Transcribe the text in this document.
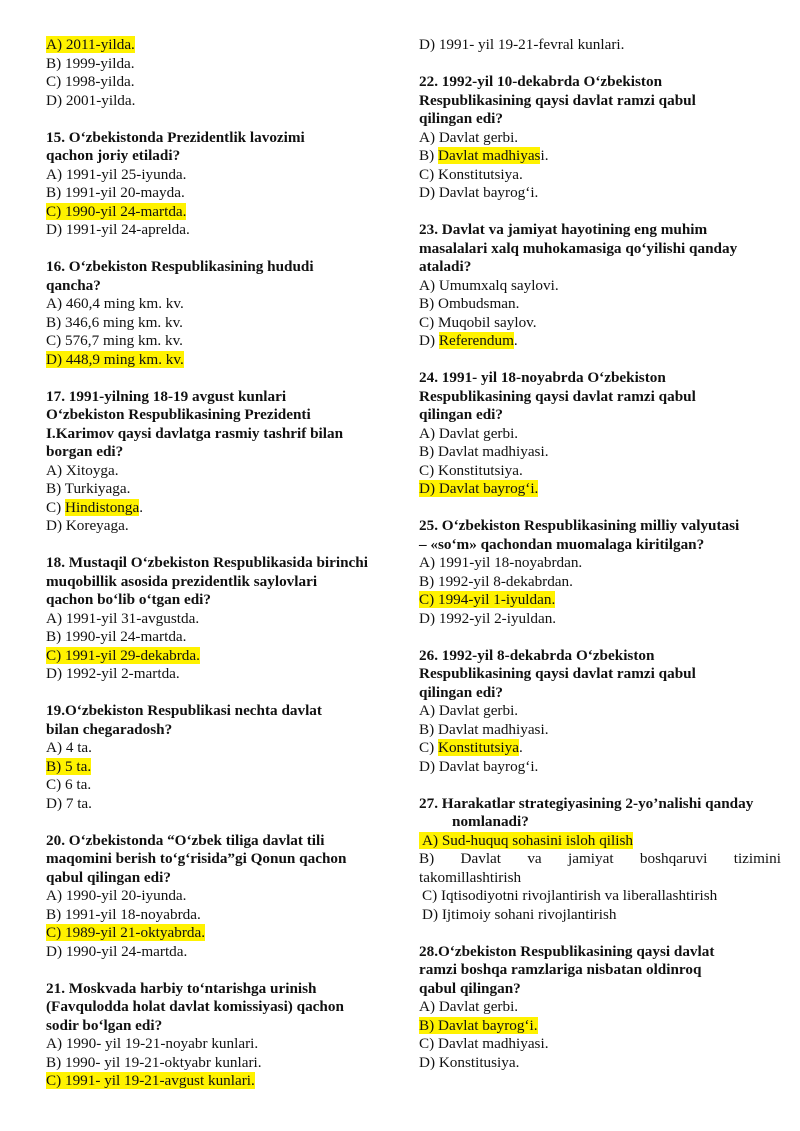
A) 2011-yilda.
B) 1999-yilda.
C) 1998-yilda.
D) 2001-yilda.
15. O‘zbekistonda Prezidentlik lavozimi
qachon joriy etiladi?
A) 1991-yil 25-iyunda.
B) 1991-yil 20-mayda.
C) 1990-yil 24-martda.
D) 1991-yil 24-aprelda.
16. O‘zbekiston Respublikasining hududi
qancha?
A) 460,4 ming km. kv.
B) 346,6 ming km. kv.
C) 576,7 ming km. kv.
D) 448,9 ming km. kv.
17. 1991-yilning 18-19 avgust kunlari
O‘zbekiston Respublikasining Prezidenti
I.Karimov qaysi davlatga rasmiy tashrif bilan
borgan edi?
A) Xitoyga.
B) Turkiyaga.
C) Hindistonga.
D) Koreyaga.
18. Mustaqil O‘zbekiston Respublikasida birinchi
muqobillik asosida prezidentlik saylovlari
qachon bo‘lib o‘tgan edi?
A) 1991-yil 31-avgustda.
B) 1990-yil 24-martda.
C) 1991-yil 29-dekabrda.
D) 1992-yil 2-martda.
19.O‘zbekiston Respublikasi nechta davlat
bilan chegaradosh?
A) 4 ta.
B) 5 ta.
C) 6 ta.
D) 7 ta.
20. O‘zbekistonda “O‘zbek tiliga davlat tili
maqomini berish to‘g‘risida”gi Qonun qachon
qabul qilingan edi?
A) 1990-yil 20-iyunda.
B) 1991-yil 18-noyabrda.
C) 1989-yil 21-oktyabrda.
D) 1990-yil 24-martda.
21. Moskvada harbiy to‘ntarishga urinish
(Favqulodda holat davlat komissiyasi) qachon
sodir bo‘lgan edi?
A) 1990- yil 19-21-noyabr kunlari.
B) 1990- yil 19-21-oktyabr kunlari.
C) 1991- yil 19-21-avgust kunlari.
D) 1991- yil 19-21-fevral kunlari.
22. 1992-yil 10-dekabrda O‘zbekiston
Respublikasining qaysi davlat ramzi qabul
qilingan edi?
A) Davlat gerbi.
B) Davlat madhiyasi.
C) Konstitutsiya.
D) Davlat bayrog‘i.
23. Davlat va jamiyat hayotining eng muhim
masalalari xalq muhokamasiga qo‘yilishi qanday
ataladi?
A) Umumxalq saylovi.
B) Ombudsman.
C) Muqobil saylov.
D) Referendum.
24. 1991- yil 18-noyabrda O‘zbekiston
Respublikasining qaysi davlat ramzi qabul
qilingan edi?
A) Davlat gerbi.
B) Davlat madhiyasi.
C) Konstitutsiya.
D) Davlat bayrog‘i.
25. O‘zbekiston Respublikasining milliy valyutasi
– «so‘m» qachondan muomalaga kiritilgan?
A) 1991-yil 18-noyabrdan.
B) 1992-yil 8-dekabrdan.
C) 1994-yil 1-iyuldan.
D) 1992-yil 2-iyuldan.
26. 1992-yil 8-dekabrda O‘zbekiston
Respublikasining qaysi davlat ramzi qabul
qilingan edi?
A) Davlat gerbi.
B) Davlat madhiyasi.
C) Konstitutsiya.
D) Davlat bayrog‘i.
27. Harakatlar strategiyasining 2-yo’nalishi qanday
nomlanadi?
A) Sud-huquq sohasini isloh qilish
B) Davlat va jamiyat boshqaruvi tizimini
takomillashtirish
C) Iqtisodiyotni rivojlantirish va liberallashtirish
D) Ijtimoiy sohani rivojlantirish
28.O‘zbekiston Respublikasining qaysi davlat
ramzi boshqa ramzlariga nisbatan oldinroq
qabul qilingan?
A) Davlat gerbi.
B) Davlat bayrog‘i.
C) Davlat madhiyasi.
D) Konstitusiya.
